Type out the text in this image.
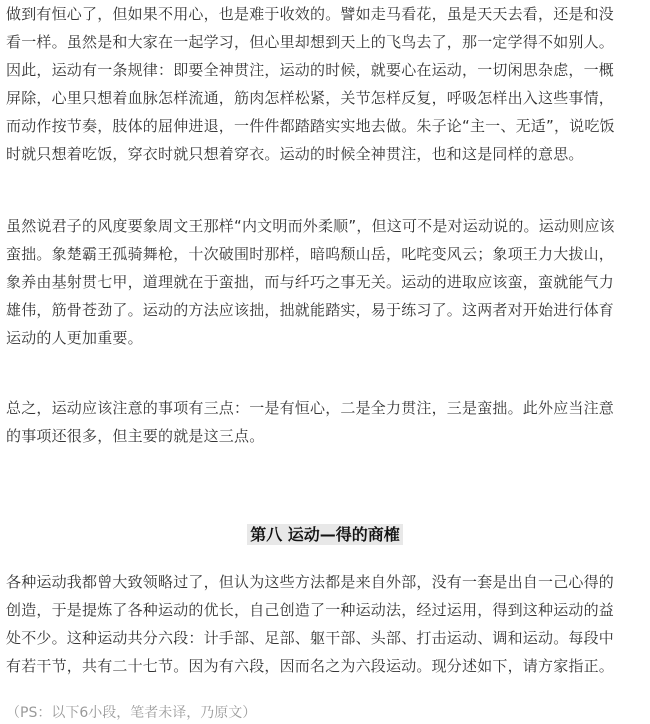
做到有恒心了，但如果不用心，也是难于收效的。譬如走马看花，虽是天天去看，还是和没
看一样。虽然是和大家在一起学习，但心里却想到天上的飞鸟去了，那一定学得不如别人。
因此，运动有一条规律：即要全神贯注，运动的时候，就要心在运动，一切闲思杂虑，一概
屏除，心里只想着血脉怎样流通，筋肉怎样松紧，关节怎样反复，呼吸怎样出入这些事情，
而动作按节奏，肢体的屈伸进退，一件件都踏踏实实地去做。朱子论“主一、无适”，说吃饭
时就只想着吃饭，穿衣时就只想着穿衣。运动的时候全神贯注，也和这是同样的意思。

虽然说君子的风度要象周文王那样“内文明而外柔顺”，但这可不是对运动说的。运动则应该
蛮拙。象楚霸王孤骑舞枪，十次破围时那样，暗呜颓山岳，叱咤变风云；象项王力大拔山，
象养由基射贯七甲，道理就在于蛮拙，而与纤巧之事无关。运动的进取应该蛮，蛮就能气力
雄伟，筋骨苍劲了。运动的方法应该拙，拙就能踏实，易于练习了。这两者对开始进行体育
运动的人更加重要。

总之，运动应该注意的事项有三点：一是有恒心，二是全力贯注，三是蛮拙。此外应当注意
的事项还很多，但主要的就是这三点。

第八 运动—得的商榷

各种运动我都曾大致领略过了，但认为这些方法都是来自外部，没有一套是出自一己心得的
创造，于是提炼了各种运动的优长，自己创造了一种运动法，经过运用，得到这种运动的益
处不少。这种运动共分六段：计手部、足部、躯干部、头部、打击运动、调和运动。每段中
有若干节，共有二十七节。因为有六段，因而名之为六段运动。现分述如下，请方家指正。

（PS：以下6小段，笔者未译，乃原文）
